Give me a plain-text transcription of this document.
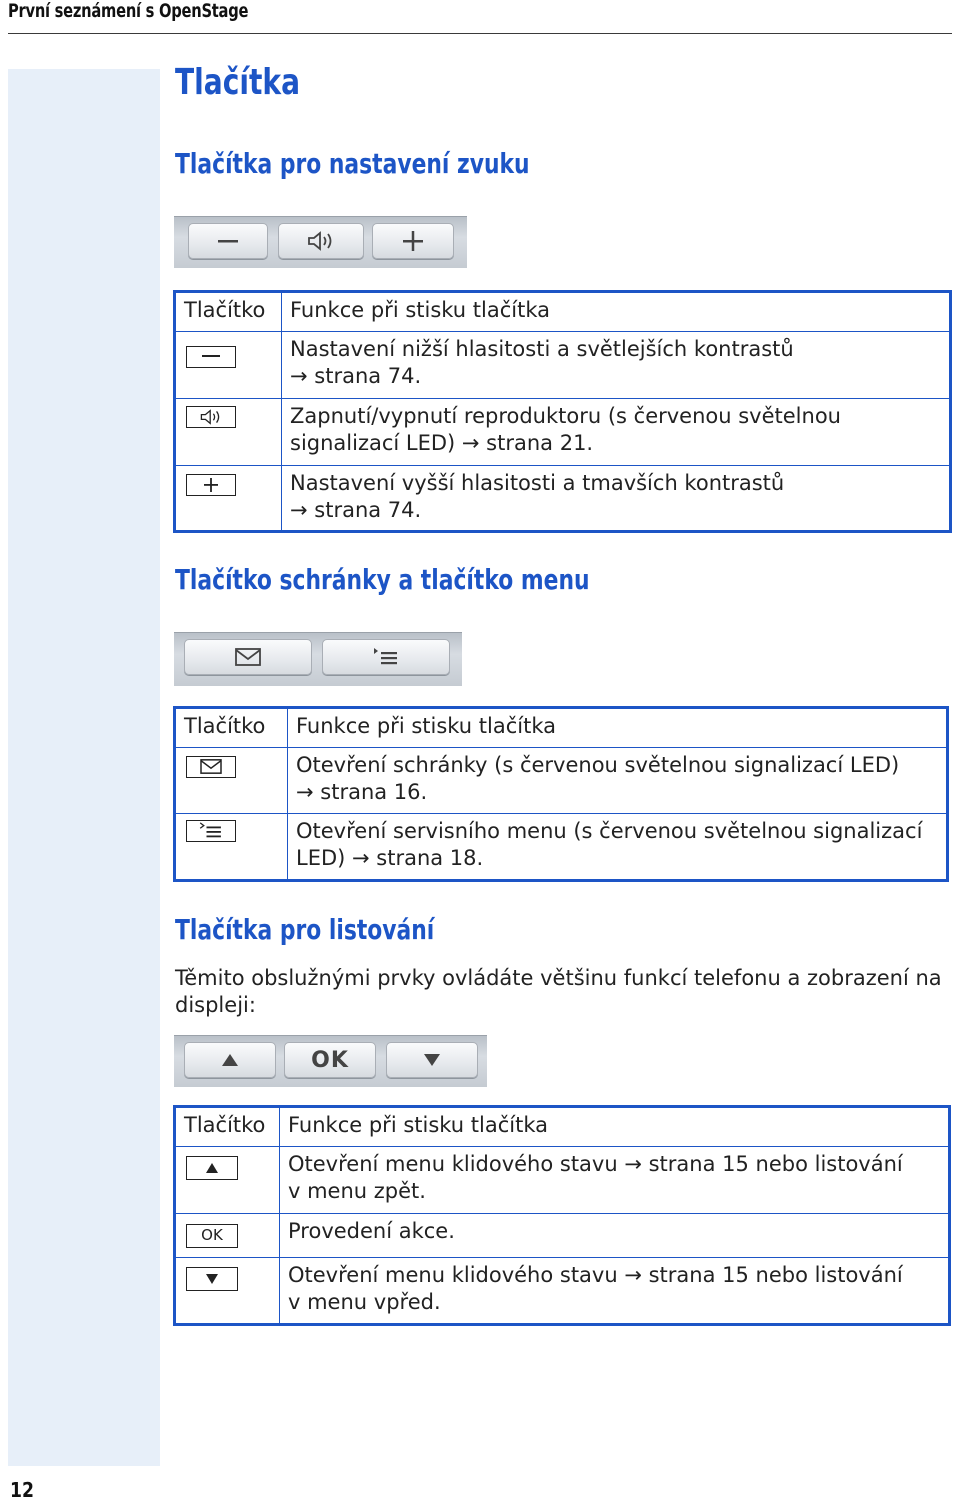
První seznámení s OpenStage
12
Tlačítka
Tlačítka pro nastavení zvuku
Tlačítko	Funkce při stisku tlačítka

Nastavení nižší hlasitosti a světlejších kontrastů
→ strana 74.

Zapnutí/vypnutí reproduktoru (s červenou světelnou
signalizací LED) → strana 21.

Nastavení vyšší hlasitosti a tmavších kontrastů
→ strana 74.
Tlačítko schránky a tlačítko menu
Tlačítko	Funkce při stisku tlačítka

Otevření schránky (s červenou světelnou signalizací LED)
→ strana 16.

Otevření servisního menu (s červenou světelnou signalizací
LED) → strana 18.
Tlačítka pro listování
Těmito obslužnými prvky ovládáte většinu funkcí telefonu a zobrazení na displeji:
OK
Tlačítko	Funkce při stisku tlačítka

Otevření menu klidového stavu → strana 15 nebo listování
v menu zpět.

OK	Provedení akce.

Otevření menu klidového stavu → strana 15 nebo listování
v menu vpřed.
